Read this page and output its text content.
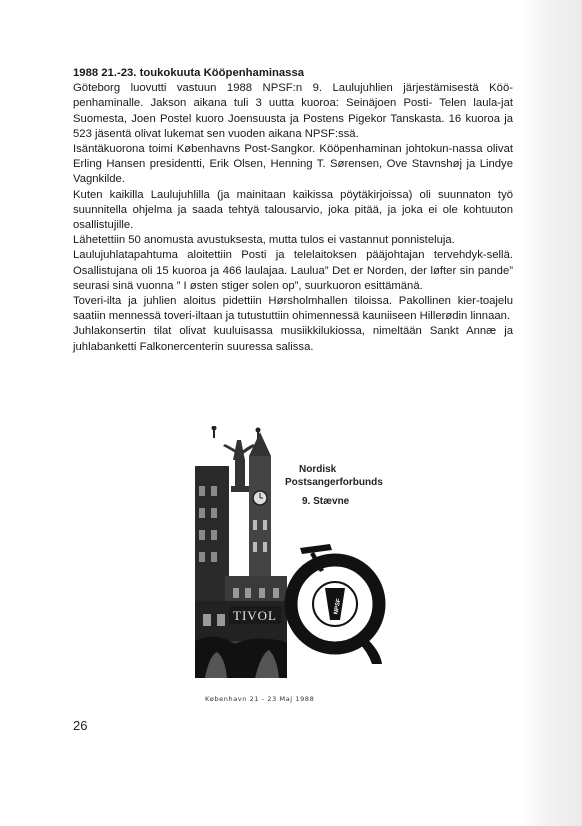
1988 21.-23. toukokuuta Kööpenhaminassa

Göteborg luovutti vastuun 1988 NPSF:n 9. Laulujuhlien järjestämisestä Köö-penhaminalle. Jakson aikana tuli 3 uutta kuoroa: Seinäjoen Posti- Telen laula-jat Suomesta, Joen Postel kuoro Joensuusta ja Postens Pigekor Tanskasta. 16 kuoroa ja 523 jäsentä olivat lukemat sen vuoden aikana NPSF:ssä.

Isäntäkuorona toimi Københavns Post-Sangkor. Kööpenhaminan johtokun-nassa olivat Erling Hansen presidentti, Erik Olsen, Henning T. Sørensen, Ove Stavnshøj ja Lindye Vagnkilde.

Kuten kaikilla Laulujuhlilla (ja mainitaan kaikissa pöytäkirjoissa) oli suunnaton työ suunnitella ohjelma ja saada tehtyä talousarvio, joka pitää, ja joka ei ole kohtuuton osallistujille.

Lähetettiin 50 anomusta avustuksesta, mutta tulos ei vastannut ponnisteluja.

Laulujuhlatapahtuma aloitettiin Posti ja telelaitoksen pääjohtajan tervehdyk-sellä. Osallistujana oli 15 kuoroa ja 466 laulajaa. Laulua” Det er Norden, der løfter sin pande” seurasi sinä vuonna ” I østen stiger solen op”, suurkuoron esittämänä.

Toveri-ilta ja juhlien aloitus pidettiin Hørsholmhallen tiloissa. Pakollinen kier-toajelu saatiin mennessä toveri-iltaan ja tutustuttiin ohimennessä kauniiseen Hillerødin linnaan.

Juhlakonsertin tilat olivat kuuluisassa musiikkilukiossa, nimeltään Sankt Annæ ja juhlabanketti Falkonercenterin suuressa salissa.

TIVOL
Nordisk
Postsangerforbunds
9. Stævne
NPSF
København 21 - 23 Maj 1988
26
